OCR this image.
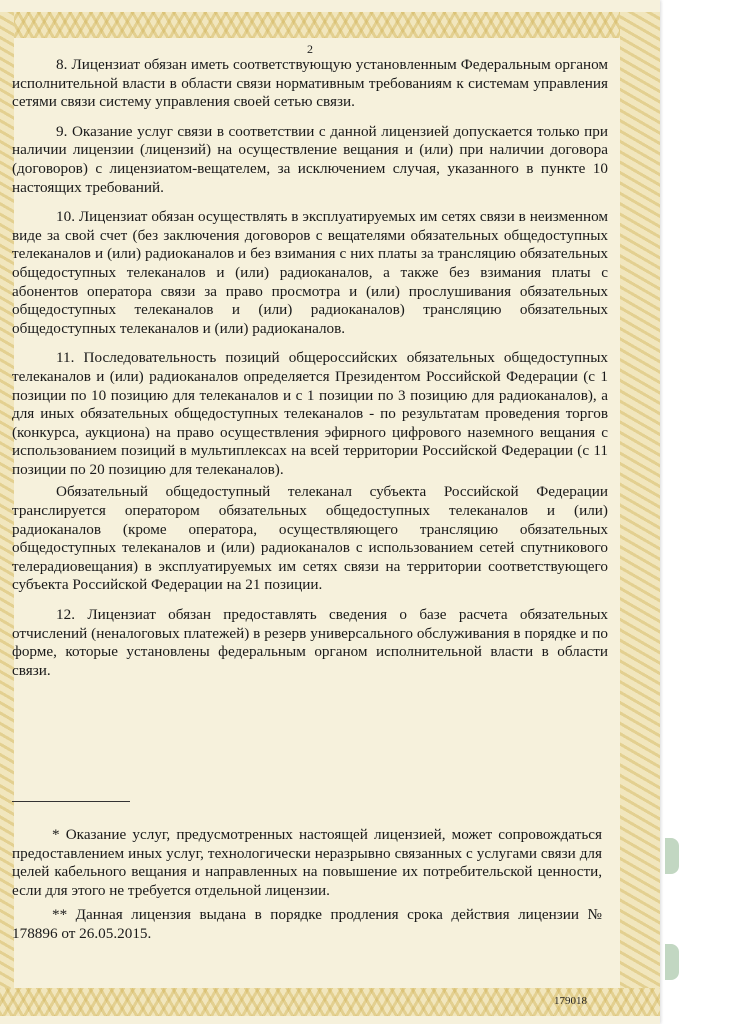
2

8. Лицензиат обязан иметь соответствующую установленным Федеральным органом исполнительной власти в области связи нормативным требованиям к системам управления сетями связи систему управления своей сетью связи.

9. Оказание услуг связи в соответствии с данной лицензией допускается только при наличии лицензии (лицензий) на осуществление вещания и (или) при наличии договора (договоров) с лицензиатом-вещателем, за исключением случая, указанного в пункте 10 настоящих требований.

10. Лицензиат обязан осуществлять в эксплуатируемых им сетях связи в неизменном виде за свой счет (без заключения договоров с вещателями обязательных общедоступных телеканалов и (или) радиоканалов и без взимания с них платы за трансляцию обязательных общедоступных телеканалов и (или) радиоканалов, а также без взимания платы с абонентов оператора связи за право просмотра и (или) прослушивания обязательных общедоступных телеканалов и (или) радиоканалов) трансляцию обязательных общедоступных телеканалов и (или) радиоканалов.

11. Последовательность позиций общероссийских обязательных общедоступных телеканалов и (или) радиоканалов определяется Президентом Российской Федерации (с 1 позиции по 10 позицию для телеканалов и с 1 позиции по 3 позицию для радиоканалов), а для иных обязательных общедоступных телеканалов - по результатам проведения торгов (конкурса, аукциона) на право осуществления эфирного цифрового наземного вещания с использованием позиций в мультиплексах на всей территории Российской Федерации (с 11 позиции по 20 позицию для телеканалов).

Обязательный общедоступный телеканал субъекта Российской Федерации транслируется оператором обязательных общедоступных телеканалов и (или) радиоканалов (кроме оператора, осуществляющего трансляцию обязательных общедоступных телеканалов и (или) радиоканалов с использованием сетей спутникового телерадиовещания) в эксплуатируемых им сетях связи на территории соответствующего субъекта Российской Федерации на 21 позиции.

12. Лицензиат обязан предоставлять сведения о базе расчета обязательных отчислений (неналоговых платежей) в резерв универсального обслуживания в порядке и по форме, которые установлены федеральным органом исполнительной власти в области связи.

* Оказание услуг, предусмотренных настоящей лицензией, может сопровождаться предоставлением иных услуг, технологически неразрывно связанных с услугами связи для целей кабельного вещания и направленных на повышение их потребительской ценности, если для этого не требуется отдельной лицензии.

** Данная лицензия выдана в порядке продления срока действия лицензии № 178896 от 26.05.2015.

179018
